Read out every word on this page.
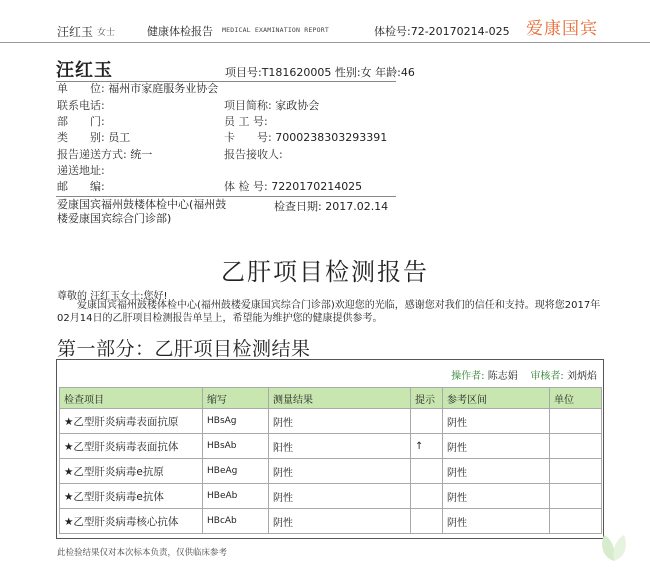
汪红玉 女士	健康体检报告 MEDICAL EXAMINATION REPORT	体检号:72-20170214-025 爱康国宾
汪红玉	项目号:T181620005 性别:女 年龄:46
单　　位: 福州市家庭服务业协会
联系电话:	项目简称: 家政协会
部　　门:	员 工 号:
类　　别: 员工	卡　　号: 7000238303293391
报告递送方式: 统一	报告接收人:
递送地址:
邮　　编:	体 检 号: 7220170214025
爱康国宾福州鼓楼体检中心(福州鼓楼爱康国宾综合门诊部)
检查日期: 2017.02.14
乙肝项目检测报告
尊敬的 汪红玉女士:您好!
爱康国宾福州鼓楼体检中心(福州鼓楼爱康国宾综合门诊部)欢迎您的光临，感谢您对我们的信任和支持。现将您2017年02月14日的乙肝项目检测报告单呈上，希望能为维护您的健康提供参考。
第一部分：乙肝项目检测结果
操作者: 陈志娟 审核者: 刘炳焰
检查项目	缩写	测量结果	提示	参考区间	单位
★乙型肝炎病毒表面抗原	HBsAg	阴性		阴性	
★乙型肝炎病毒表面抗体	HBsAb	阳性	↑	阴性	
★乙型肝炎病毒e抗原	HBeAg	阴性		阴性	
★乙型肝炎病毒e抗体	HBeAb	阴性		阴性	
★乙型肝炎病毒核心抗体	HBcAb	阴性		阴性	
此检验结果仅对本次标本负责，仅供临床参考
